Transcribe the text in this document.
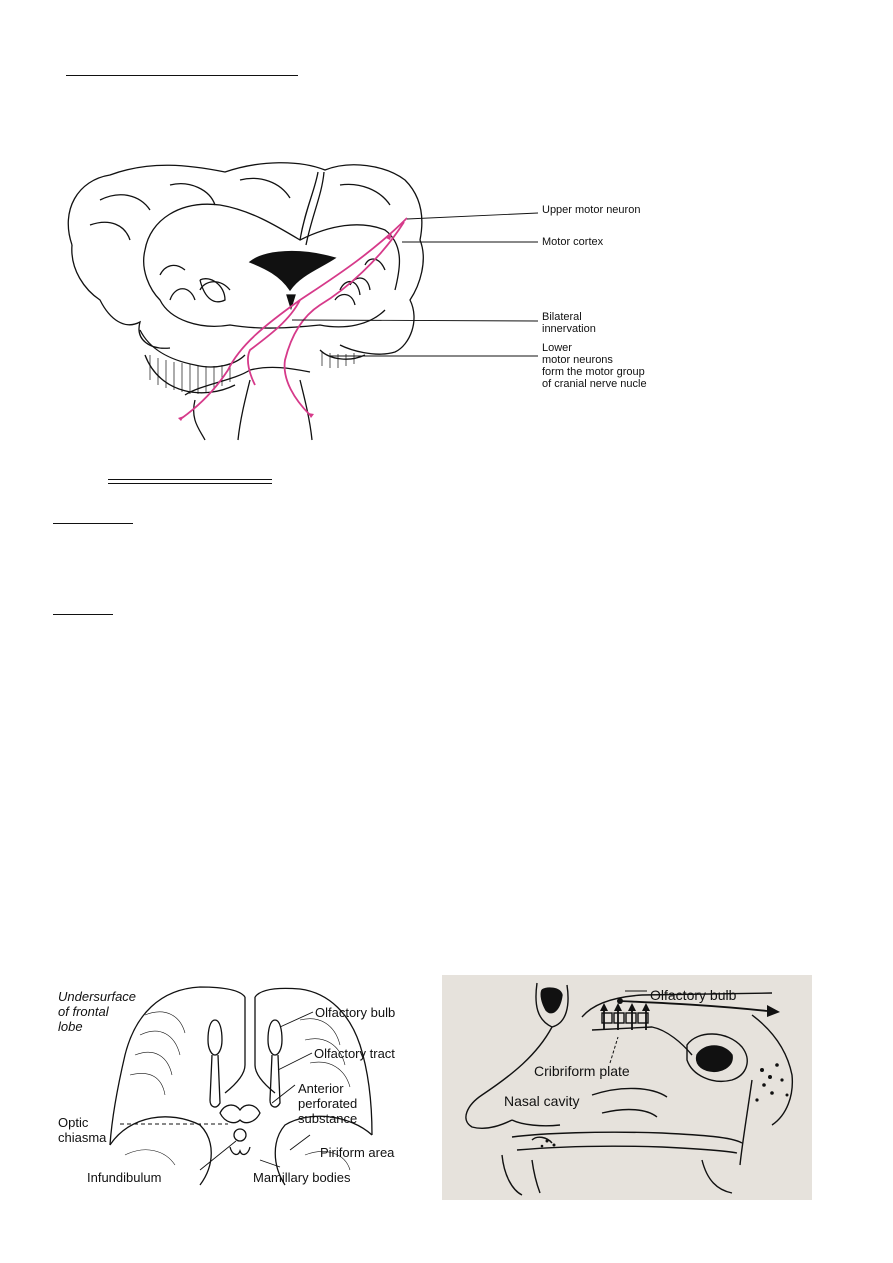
Upper motor neuron
Motor cortex
Bilateral
innervation
Lower
motor neurons
form the motor group
of cranial nerve nucle
Undersurface
of frontal
lobe
Olfactory bulb
Olfactory tract
Anterior
perforated
substance
Optic
chiasma
Piriform area
Infundibulum	Mamillary bodies
Olfactory bulb
Cribriform plate
Nasal cavity
